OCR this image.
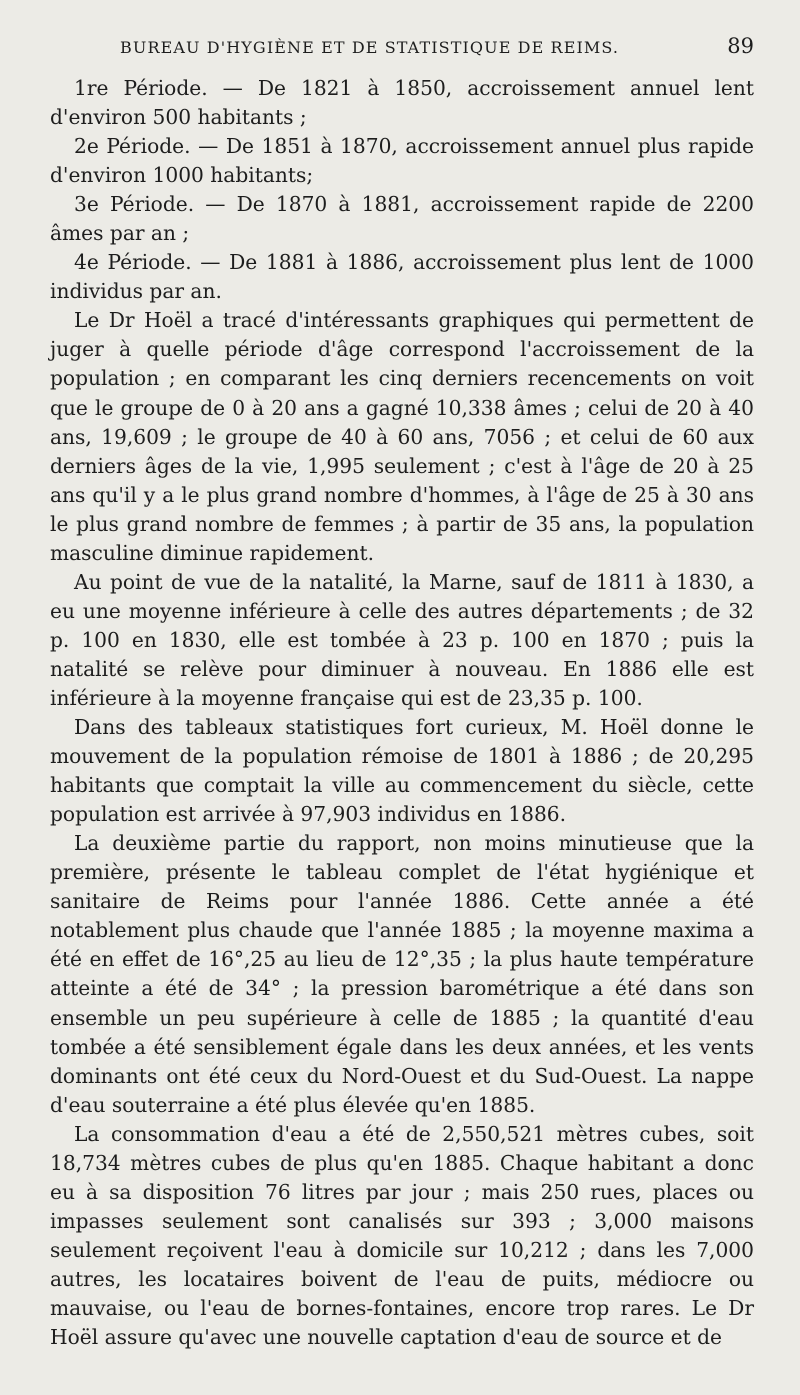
BUREAU D'HYGIÈNE ET DE STATISTIQUE DE REIMS.	89

1re Période. — De 1821 à 1850, accroissement annuel lent d'environ 500 habitants ;

2e Période. — De 1851 à 1870, accroissement annuel plus rapide d'environ 1000 habitants;

3e Période. — De 1870 à 1881, accroissement rapide de 2200 âmes par an ;

4e Période. — De 1881 à 1886, accroissement plus lent de 1000 individus par an.

Le Dr Hoël a tracé d'intéressants graphiques qui permettent de juger à quelle période d'âge correspond l'accroissement de la population ; en comparant les cinq derniers recencements on voit que le groupe de 0 à 20 ans a gagné 10,338 âmes ; celui de 20 à 40 ans, 19,609 ; le groupe de 40 à 60 ans, 7056 ; et celui de 60 aux derniers âges de la vie, 1,995 seulement ; c'est à l'âge de 20 à 25 ans qu'il y a le plus grand nombre d'hommes, à l'âge de 25 à 30 ans le plus grand nombre de femmes ; à partir de 35 ans, la population masculine diminue rapidement.

Au point de vue de la natalité, la Marne, sauf de 1811 à 1830, a eu une moyenne inférieure à celle des autres départements ; de 32 p. 100 en 1830, elle est tombée à 23 p. 100 en 1870 ; puis la natalité se relève pour diminuer à nouveau. En 1886 elle est inférieure à la moyenne française qui est de 23,35 p. 100.

Dans des tableaux statistiques fort curieux, M. Hoël donne le mouvement de la population rémoise de 1801 à 1886 ; de 20,295 habitants que comptait la ville au commencement du siècle, cette population est arrivée à 97,903 individus en 1886.

La deuxième partie du rapport, non moins minutieuse que la première, présente le tableau complet de l'état hygiénique et sanitaire de Reims pour l'année 1886. Cette année a été notablement plus chaude que l'année 1885 ; la moyenne maxima a été en effet de 16°,25 au lieu de 12°,35 ; la plus haute température atteinte a été de 34° ; la pression barométrique a été dans son ensemble un peu supérieure à celle de 1885 ; la quantité d'eau tombée a été sensiblement égale dans les deux années, et les vents dominants ont été ceux du Nord-Ouest et du Sud-Ouest. La nappe d'eau souterraine a été plus élevée qu'en 1885.

La consommation d'eau a été de 2,550,521 mètres cubes, soit 18,734 mètres cubes de plus qu'en 1885. Chaque habitant a donc eu à sa disposition 76 litres par jour ; mais 250 rues, places ou impasses seulement sont canalisés sur 393 ; 3,000 maisons seulement reçoivent l'eau à domicile sur 10,212 ; dans les 7,000 autres, les locataires boivent de l'eau de puits, médiocre ou mauvaise, ou l'eau de bornes-fontaines, encore trop rares. Le Dr Hoël assure qu'avec une nouvelle captation d'eau de source et de
